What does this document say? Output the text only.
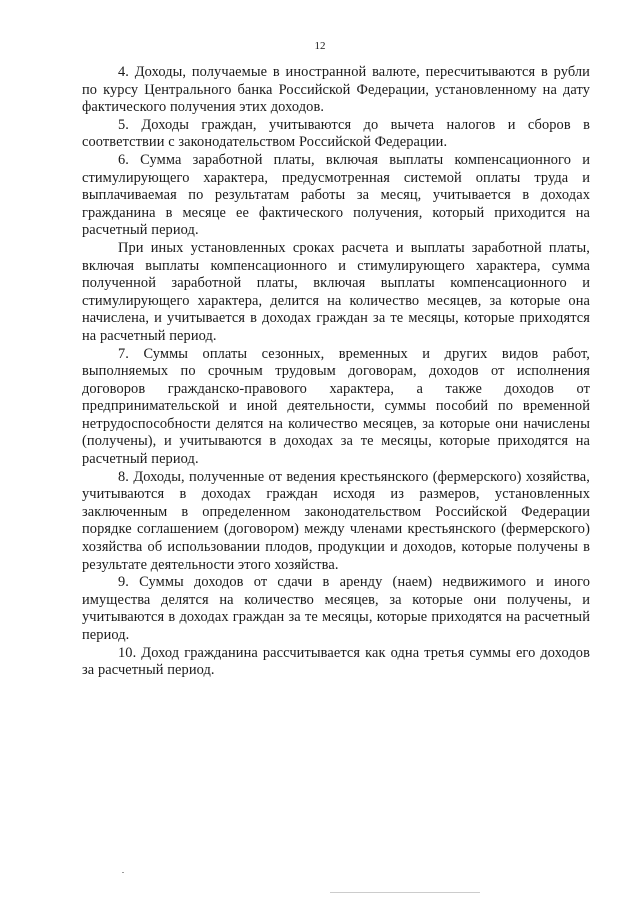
12

4. Доходы, получаемые в иностранной валюте, пересчитываются в рубли по курсу Центрального банка Российской Федерации, установленному на дату фактического получения этих доходов.

5. Доходы граждан, учитываются до вычета налогов и сборов в соответствии с законодательством Российской Федерации.

6. Сумма заработной платы, включая выплаты компенсационного и стимулирующего характера, предусмотренная системой оплаты труда и выплачиваемая по результатам работы за месяц, учитывается в доходах гражданина в месяце ее фактического получения, который приходится на расчетный период.

При иных установленных сроках расчета и выплаты заработной платы, включая выплаты компенсационного и стимулирующего характера, сумма полученной заработной платы, включая выплаты компенсационного и стимулирующего характера, делится на количество месяцев, за которые она начислена, и учитывается в доходах граждан за те месяцы, которые приходятся на расчетный период.

7. Суммы оплаты сезонных, временных и других видов работ, выполняемых по срочным трудовым договорам, доходов от исполнения договоров гражданско-правового характера, а также доходов от предпринимательской и иной деятельности, суммы пособий по временной нетрудоспособности делятся на количество месяцев, за которые они начислены (получены), и учитываются в доходах за те месяцы, которые приходятся на расчетный период.

8. Доходы, полученные от ведения крестьянского (фермерского) хозяйства, учитываются в доходах граждан исходя из размеров, установленных заключенным в определенном законодательством Российской Федерации порядке соглашением (договором) между членами крестьянского (фермерского) хозяйства об использовании плодов, продукции и доходов, которые получены в результате деятельности этого хозяйства.

9. Суммы доходов от сдачи в аренду (наем) недвижимого и иного имущества делятся на количество месяцев, за которые они получены, и учитываются в доходах граждан за те месяцы, которые приходятся на расчетный период.

10. Доход гражданина рассчитывается как одна третья суммы его доходов за расчетный период.
